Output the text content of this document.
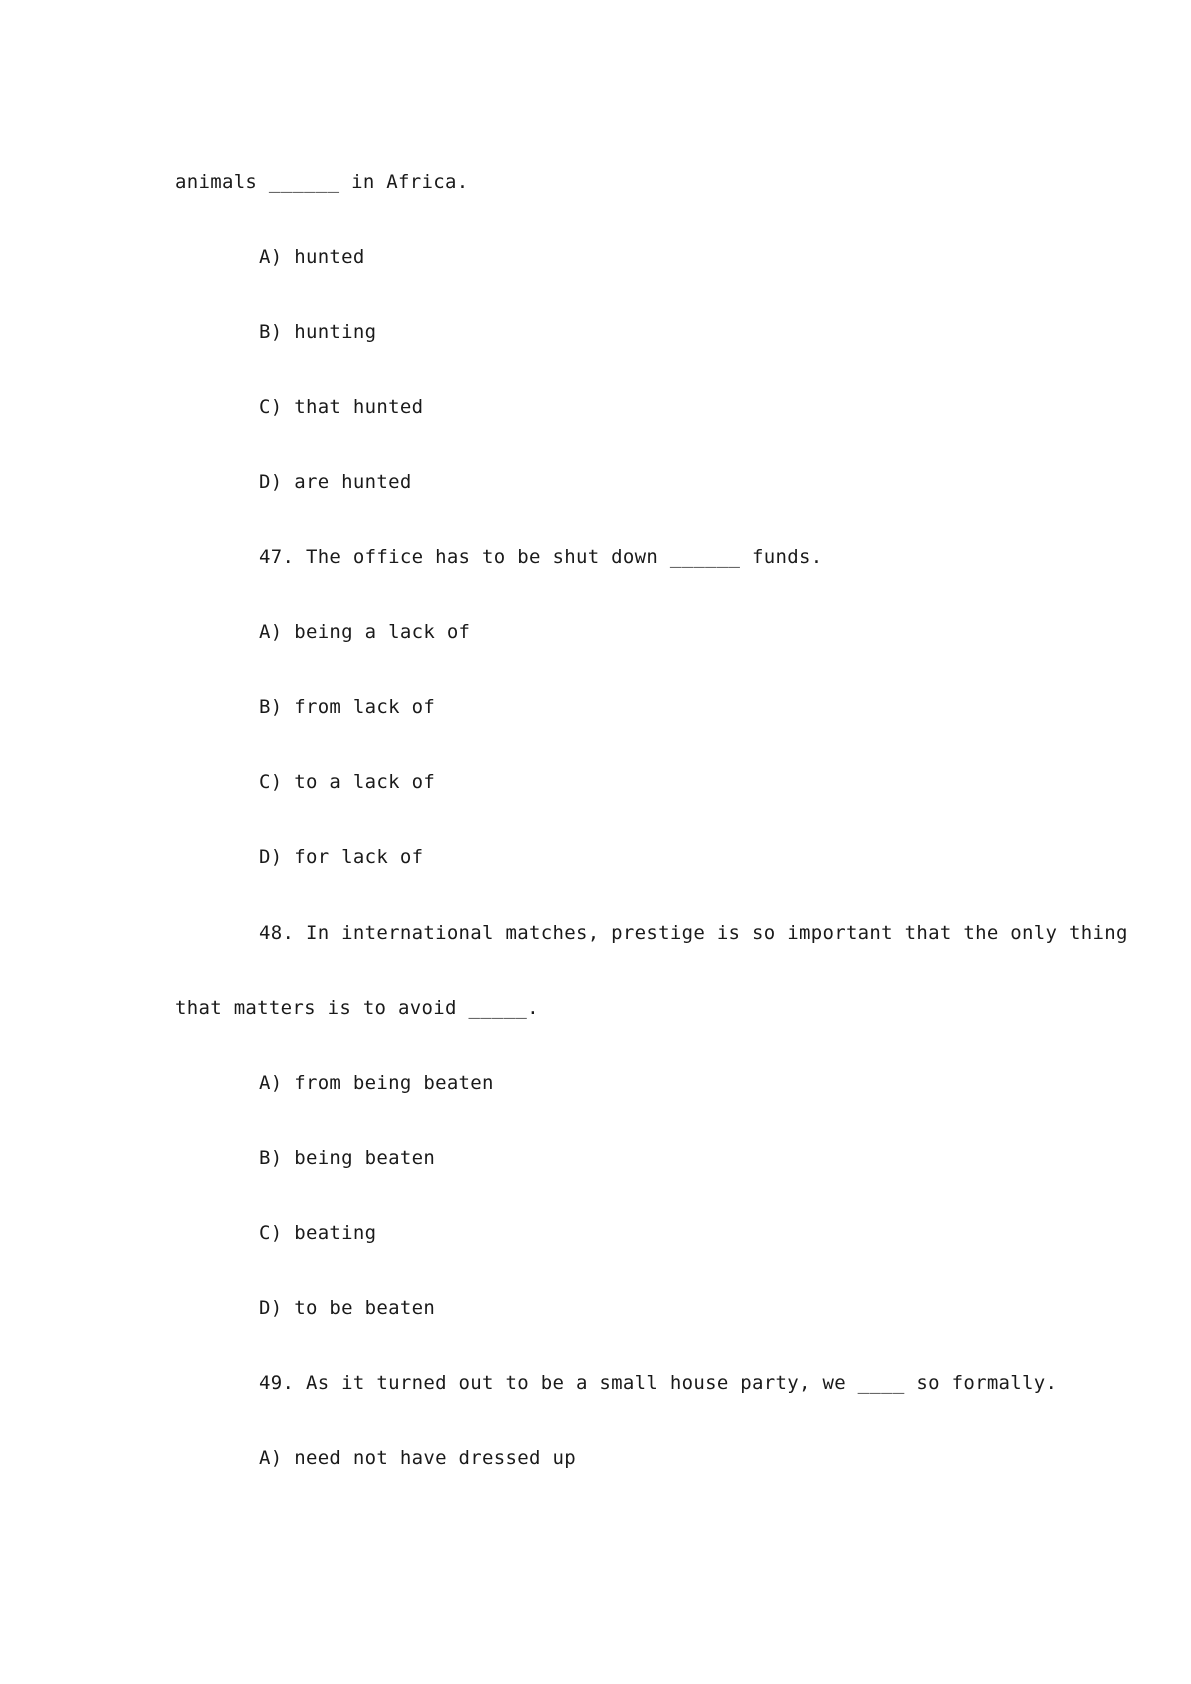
animals ______ in Africa.
A) hunted
B) hunting
C) that hunted
D) are hunted
47. The office has to be shut down ______ funds.
A) being a lack of
B) from lack of
C) to a lack of
D) for lack of
48. In international matches, prestige is so important that the only thing
that matters is to avoid _____.
A) from being beaten
B) being beaten
C) beating
D) to be beaten
49. As it turned out to be a small house party, we ____ so formally.
A) need not have dressed up
